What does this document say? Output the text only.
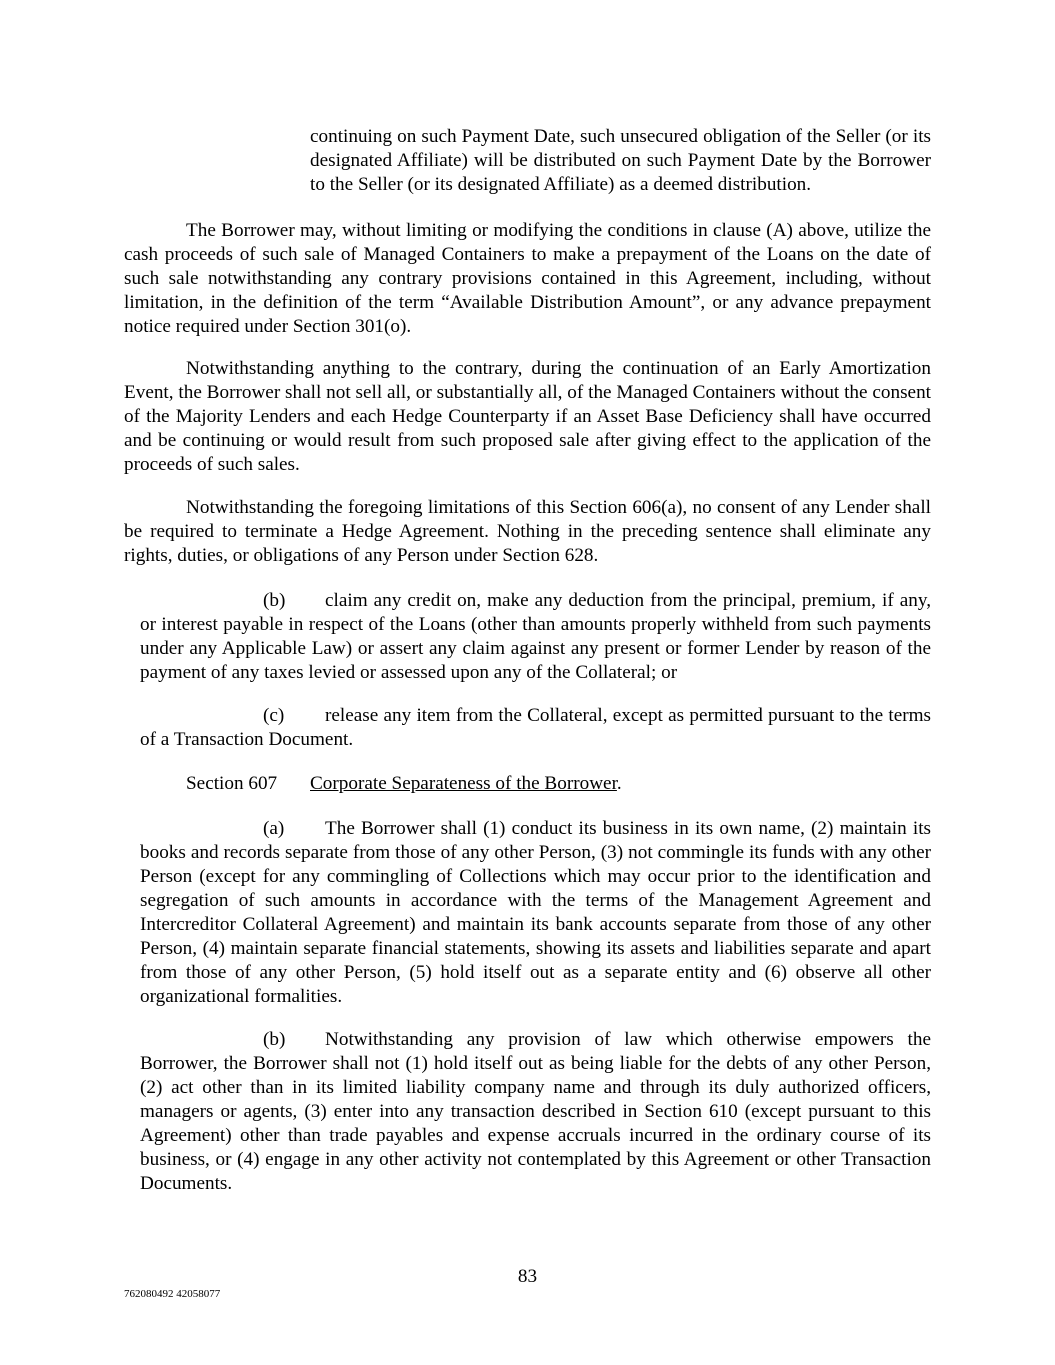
continuing on such Payment Date, such unsecured obligation of the Seller (or its designated Affiliate) will be distributed on such Payment Date by the Borrower to the Seller (or its designated Affiliate) as a deemed distribution.

The Borrower may, without limiting or modifying the conditions in clause (A) above, utilize the cash proceeds of such sale of Managed Containers to make a prepayment of the Loans on the date of such sale notwithstanding any contrary provisions contained in this Agreement, including, without limitation, in the definition of the term “Available Distribution Amount”, or any advance prepayment notice required under Section 301(o).

Notwithstanding anything to the contrary, during the continuation of an Early Amortization Event, the Borrower shall not sell all, or substantially all, of the Managed Containers without the consent of the Majority Lenders and each Hedge Counterparty if an Asset Base Deficiency shall have occurred and be continuing or would result from such proposed sale after giving effect to the application of the proceeds of such sales.

Notwithstanding the foregoing limitations of this Section 606(a), no consent of any Lender shall be required to terminate a Hedge Agreement. Nothing in the preceding sentence shall eliminate any rights, duties, or obligations of any Person under Section 628.

(b) claim any credit on, make any deduction from the principal, premium, if any, or interest payable in respect of the Loans (other than amounts properly withheld from such payments under any Applicable Law) or assert any claim against any present or former Lender by reason of the payment of any taxes levied or assessed upon any of the Collateral; or

(c) release any item from the Collateral, except as permitted pursuant to the terms of a Transaction Document.

Section 607 Corporate Separateness of the Borrower.

(a) The Borrower shall (1) conduct its business in its own name, (2) maintain its books and records separate from those of any other Person, (3) not commingle its funds with any other Person (except for any commingling of Collections which may occur prior to the identification and segregation of such amounts in accordance with the terms of the Management Agreement and Intercreditor Collateral Agreement) and maintain its bank accounts separate from those of any other Person, (4) maintain separate financial statements, showing its assets and liabilities separate and apart from those of any other Person, (5) hold itself out as a separate entity and (6) observe all other organizational formalities.

(b) Notwithstanding any provision of law which otherwise empowers the Borrower, the Borrower shall not (1) hold itself out as being liable for the debts of any other Person, (2) act other than in its limited liability company name and through its duly authorized officers, managers or agents, (3) enter into any transaction described in Section 610 (except pursuant to this Agreement) other than trade payables and expense accruals incurred in the ordinary course of its business, or (4) engage in any other activity not contemplated by this Agreement or other Transaction Documents.

83
762080492 42058077
